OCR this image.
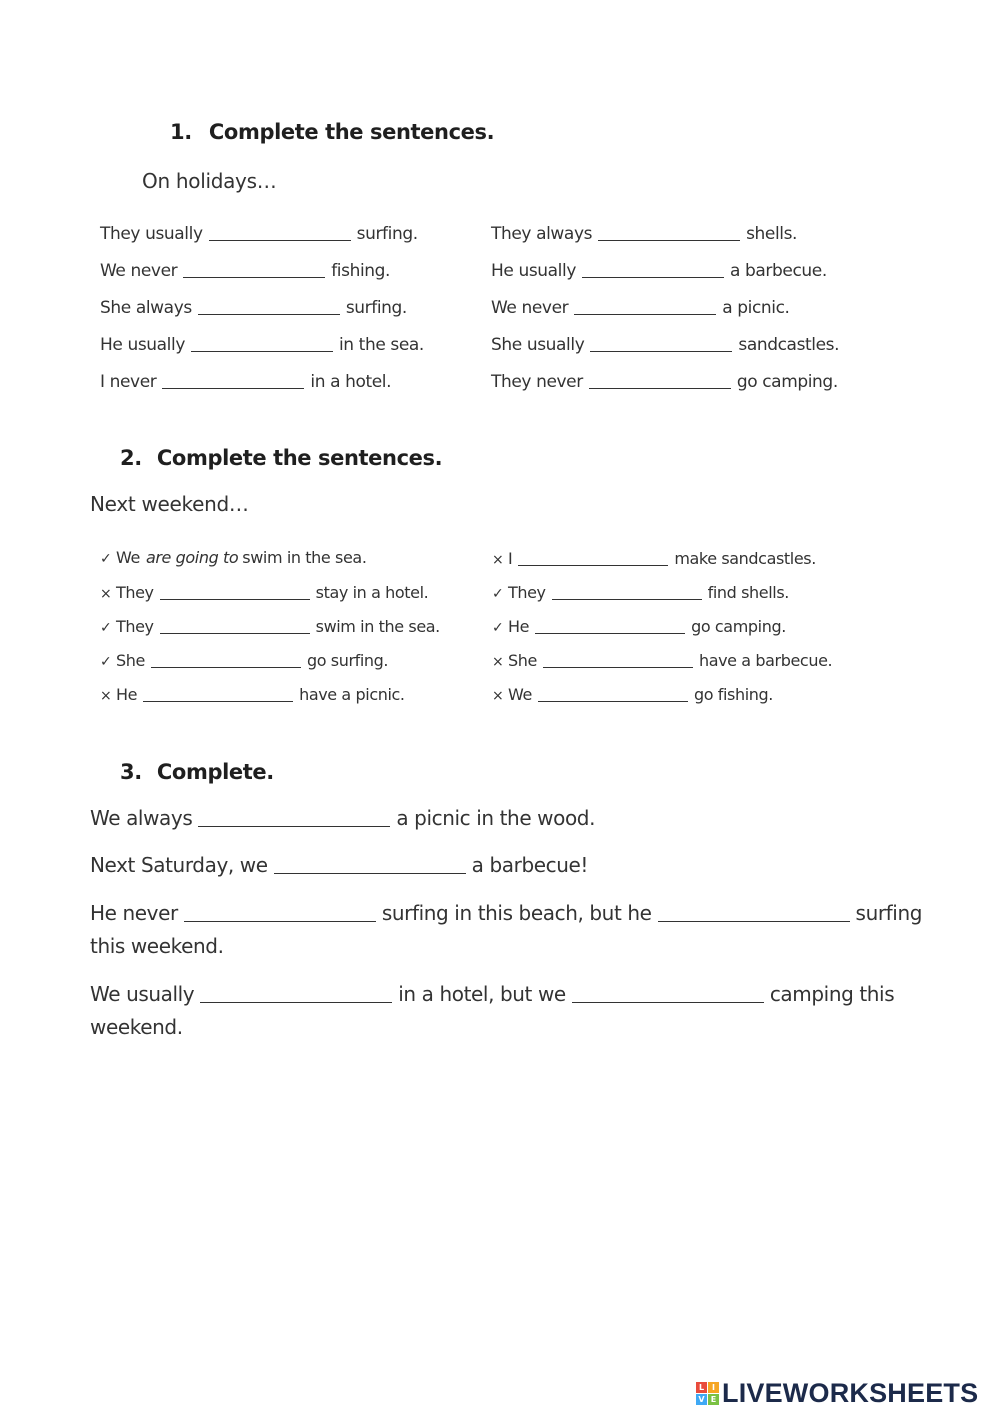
1. Complete the sentences.
On holidays…
They usually	surfing.
We never	fishing.
She always	surfing.
He usually	in the sea.
I never	in a hotel.
They always	shells.
He usually	a barbecue.
We never	a picnic.
She usually	sandcastles.
They never	go camping.
2. Complete the sentences.
Next weekend…
✓ We are going to swim in the sea.
× They	stay in a hotel.
✓ They	swim in the sea.
✓ She	go surfing.
× He	have a picnic.
× I	make sandcastles.
✓ They	find shells.
✓ He	go camping.
× She	have a barbecue.
× We	go fishing.
3. Complete.
We always	a picnic in the wood.
Next Saturday, we	a barbecue!
He never	surfing in this beach, but he	surfing
this weekend.
We usually	in a hotel, but we	camping this
weekend.
L I
V E LIVEWORKSHEETS
